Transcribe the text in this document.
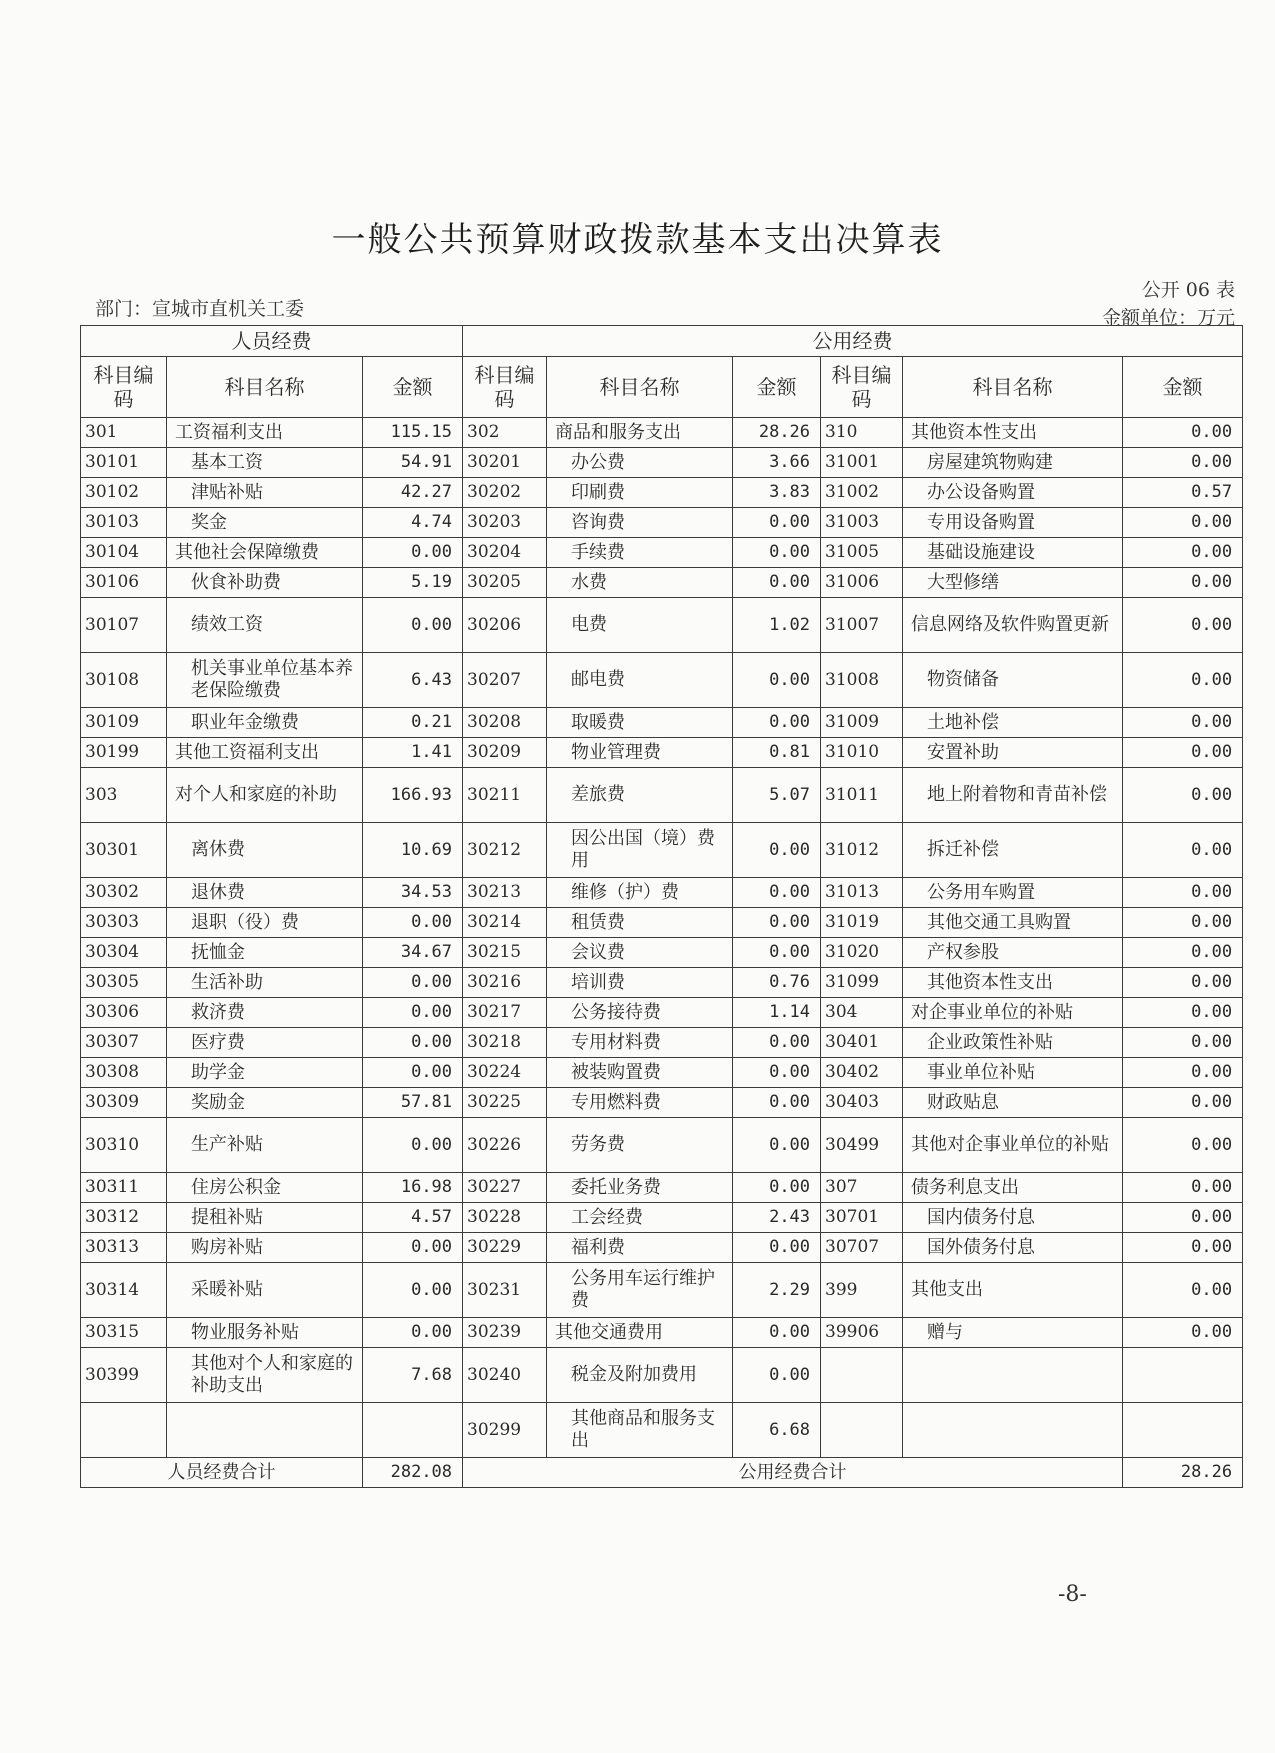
一般公共预算财政拨款基本支出决算表
公开 06 表
部门：宣城市直机关工委	金额单位：万元
人员经费			公用经费					
科目编码	科目名称	金额	科目编码	科目名称	金额	科目编码	科目名称	金额
301	工资福利支出	115.15	302	商品和服务支出	28.26	310	其他资本性支出	0.00
30101	基本工资	54.91	30201	办公费	3.66	31001	房屋建筑物购建	0.00
30102	津贴补贴	42.27	30202	印刷费	3.83	31002	办公设备购置	0.57
30103	奖金	4.74	30203	咨询费	0.00	31003	专用设备购置	0.00
30104	其他社会保障缴费	0.00	30204	手续费	0.00	31005	基础设施建设	0.00
30106	伙食补助费	5.19	30205	水费	0.00	31006	大型修缮	0.00
30107	绩效工资	0.00	30206	电费	1.02	31007	信息网络及软件购置更新	0.00
30108	机关事业单位基本养老保险缴费	6.43	30207	邮电费	0.00	31008	物资储备	0.00
30109	职业年金缴费	0.21	30208	取暖费	0.00	31009	土地补偿	0.00
30199	其他工资福利支出	1.41	30209	物业管理费	0.81	31010	安置补助	0.00
303	对个人和家庭的补助	166.93	30211	差旅费	5.07	31011	地上附着物和青苗补偿	0.00
30301	离休费	10.69	30212	因公出国（境）费用	0.00	31012	拆迁补偿	0.00
30302	退休费	34.53	30213	维修（护）费	0.00	31013	公务用车购置	0.00
30303	退职（役）费	0.00	30214	租赁费	0.00	31019	其他交通工具购置	0.00
30304	抚恤金	34.67	30215	会议费	0.00	31020	产权参股	0.00
30305	生活补助	0.00	30216	培训费	0.76	31099	其他资本性支出	0.00
30306	救济费	0.00	30217	公务接待费	1.14	304	对企事业单位的补贴	0.00
30307	医疗费	0.00	30218	专用材料费	0.00	30401	企业政策性补贴	0.00
30308	助学金	0.00	30224	被装购置费	0.00	30402	事业单位补贴	0.00
30309	奖励金	57.81	30225	专用燃料费	0.00	30403	财政贴息	0.00
30310	生产补贴	0.00	30226	劳务费	0.00	30499	其他对企事业单位的补贴	0.00
30311	住房公积金	16.98	30227	委托业务费	0.00	307	债务利息支出	0.00
30312	提租补贴	4.57	30228	工会经费	2.43	30701	国内债务付息	0.00
30313	购房补贴	0.00	30229	福利费	0.00	30707	国外债务付息	0.00
30314	采暖补贴	0.00	30231	公务用车运行维护费	2.29	399	其他支出	0.00
30315	物业服务补贴	0.00	30239	其他交通费用	0.00	39906	赠与	0.00
30399	其他对个人和家庭的补助支出	7.68	30240	税金及附加费用	0.00			
			30299	其他商品和服务支出	6.68			
人员经费合计		282.08	公用经费合计					28.26
-8-
